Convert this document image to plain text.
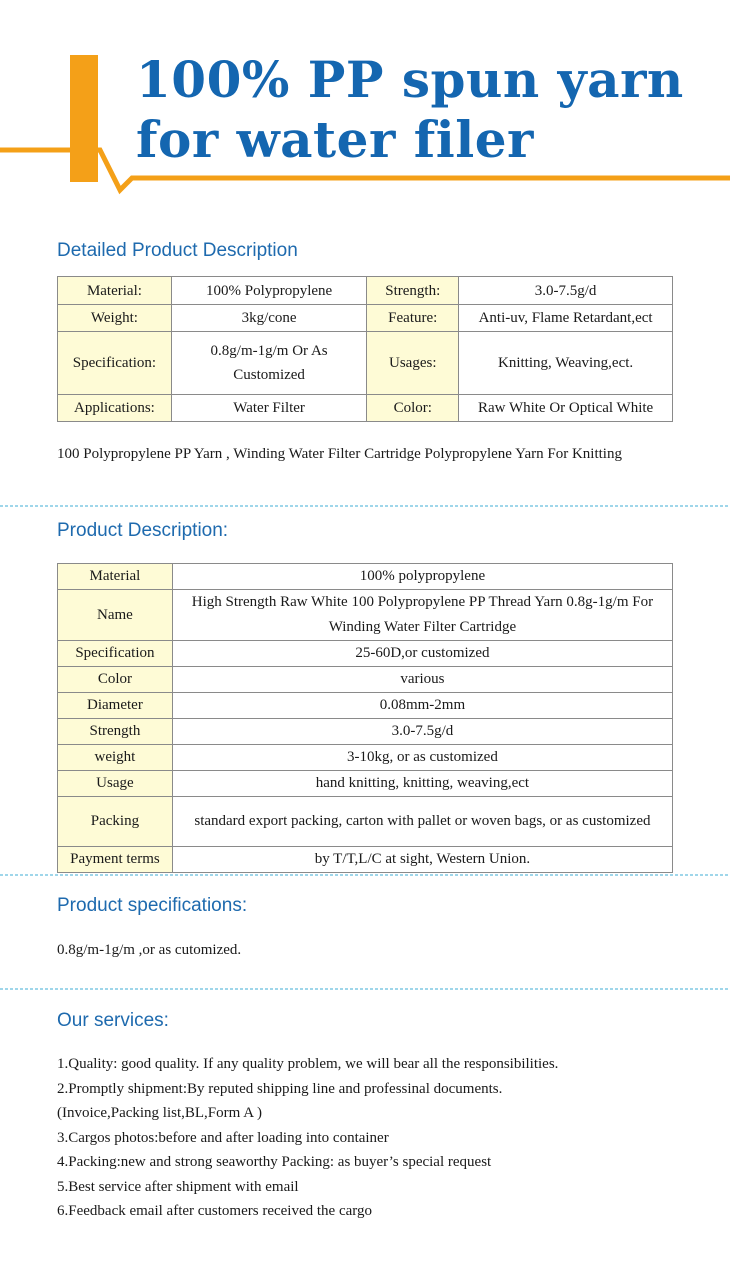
100% PP spun yarn
for water filer
Detailed Product Description
Material:	100% Polypropylene	Strength:	3.0-7.5g/d
Weight:	3kg/cone	Feature:	Anti-uv, Flame Retardant,ect
Specification:	0.8g/m-1g/m Or As Customized	Usages:	Knitting, Weaving,ect.
Applications:	Water Filter	Color:	Raw White Or Optical White

100 Polypropylene PP Yarn , Winding Water Filter Cartridge Polypropylene Yarn For Knitting

Product Description:
Material	100% polypropylene
Name	High Strength Raw White 100 Polypropylene PP Thread Yarn 0.8g-1g/m For Winding Water Filter Cartridge
Specification	25-60D,or customized
Color	various
Diameter	0.08mm-2mm
Strength	3.0-7.5g/d
weight	3-10kg, or as customized
Usage	hand knitting, knitting, weaving,ect
Packing	standard export packing, carton with pallet or woven bags, or as customized
Payment terms	by T/T,L/C at sight, Western Union.
Product specifications:

0.8g/m-1g/m ,or as cutomized.

Our services:
1.Quality: good quality. If any quality problem, we will bear all the responsibilities.
2.Promptly shipment:By reputed shipping line and professinal documents.
(Invoice,Packing list,BL,Form A )
3.Cargos photos:before and after loading into container
4.Packing:new and strong seaworthy Packing: as buyer’s special request
5.Best service after shipment with email
6.Feedback email after customers received the cargo
